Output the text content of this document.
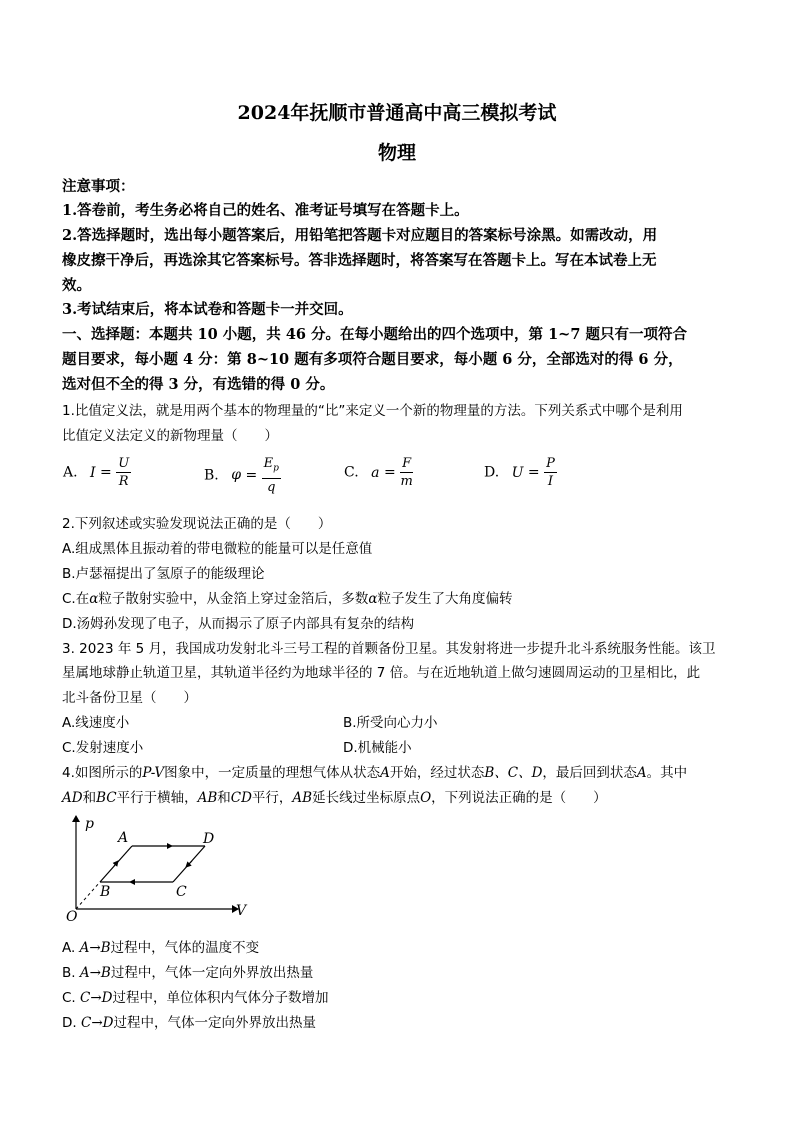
2024年抚顺市普通高中高三模拟考试
物理
注意事项：
1.答卷前，考生务必将自己的姓名、准考证号填写在答题卡上。
2.答选择题时，选出每小题答案后，用铅笔把答题卡对应题目的答案标号涂黑。如需改动，用
橡皮擦干净后，再选涂其它答案标号。答非选择题时，将答案写在答题卡上。写在本试卷上无
效。
3.考试结束后，将本试卷和答题卡一并交回。
一、选择题：本题共 10 小题，共 46 分。在每小题给出的四个选项中，第 1~7 题只有一项符合
题目要求，每小题 4 分：第 8~10 题有多项符合题目要求，每小题 6 分，全部选对的得 6 分，
选对但不全的得 3 分，有选错的得 0 分。
1.比值定义法，就是用两个基本的物理量的“比”来定义一个新的物理量的方法。下列关系式中哪个是利用
比值定义法定义的新物理量（　　）
A. $I = \frac{U}{R}$	B. $\varphi = \frac{E_p}{q}$	C. $a = \frac{F}{m}$	D. $U = \frac{P}{I}$
2.下列叙述或实验发现说法正确的是（　　）
A.组成黑体且振动着的带电微粒的能量可以是任意值
B.卢瑟福提出了氢原子的能级理论
C.在α粒子散射实验中，从金箔上穿过金箔后，多数α粒子发生了大角度偏转
D.汤姆孙发现了电子，从而揭示了原子内部具有复杂的结构
3. 2023 年 5 月，我国成功发射北斗三号工程的首颗备份卫星。其发射将进一步提升北斗系统服务性能。该卫
星属地球静止轨道卫星，其轨道半径约为地球半径的 7 倍。与在近地轨道上做匀速圆周运动的卫星相比，此
北斗备份卫星（　　）
A.线速度小	B.所受向心力小
C.发射速度小	D.机械能小
4.如图所示的P-V图象中，一定质量的理想气体从状态A开始，经过状态B、C、D，最后回到状态A。其中
AD和BC平行于横轴，AB和CD平行，AB延长线过坐标原点O，下列说法正确的是（　　）
p
V
O
A	D
B	C
A. A→B过程中，气体的温度不变
B. A→B过程中，气体一定向外界放出热量
C. C→D过程中，单位体积内气体分子数增加
D. C→D过程中，气体一定向外界放出热量
